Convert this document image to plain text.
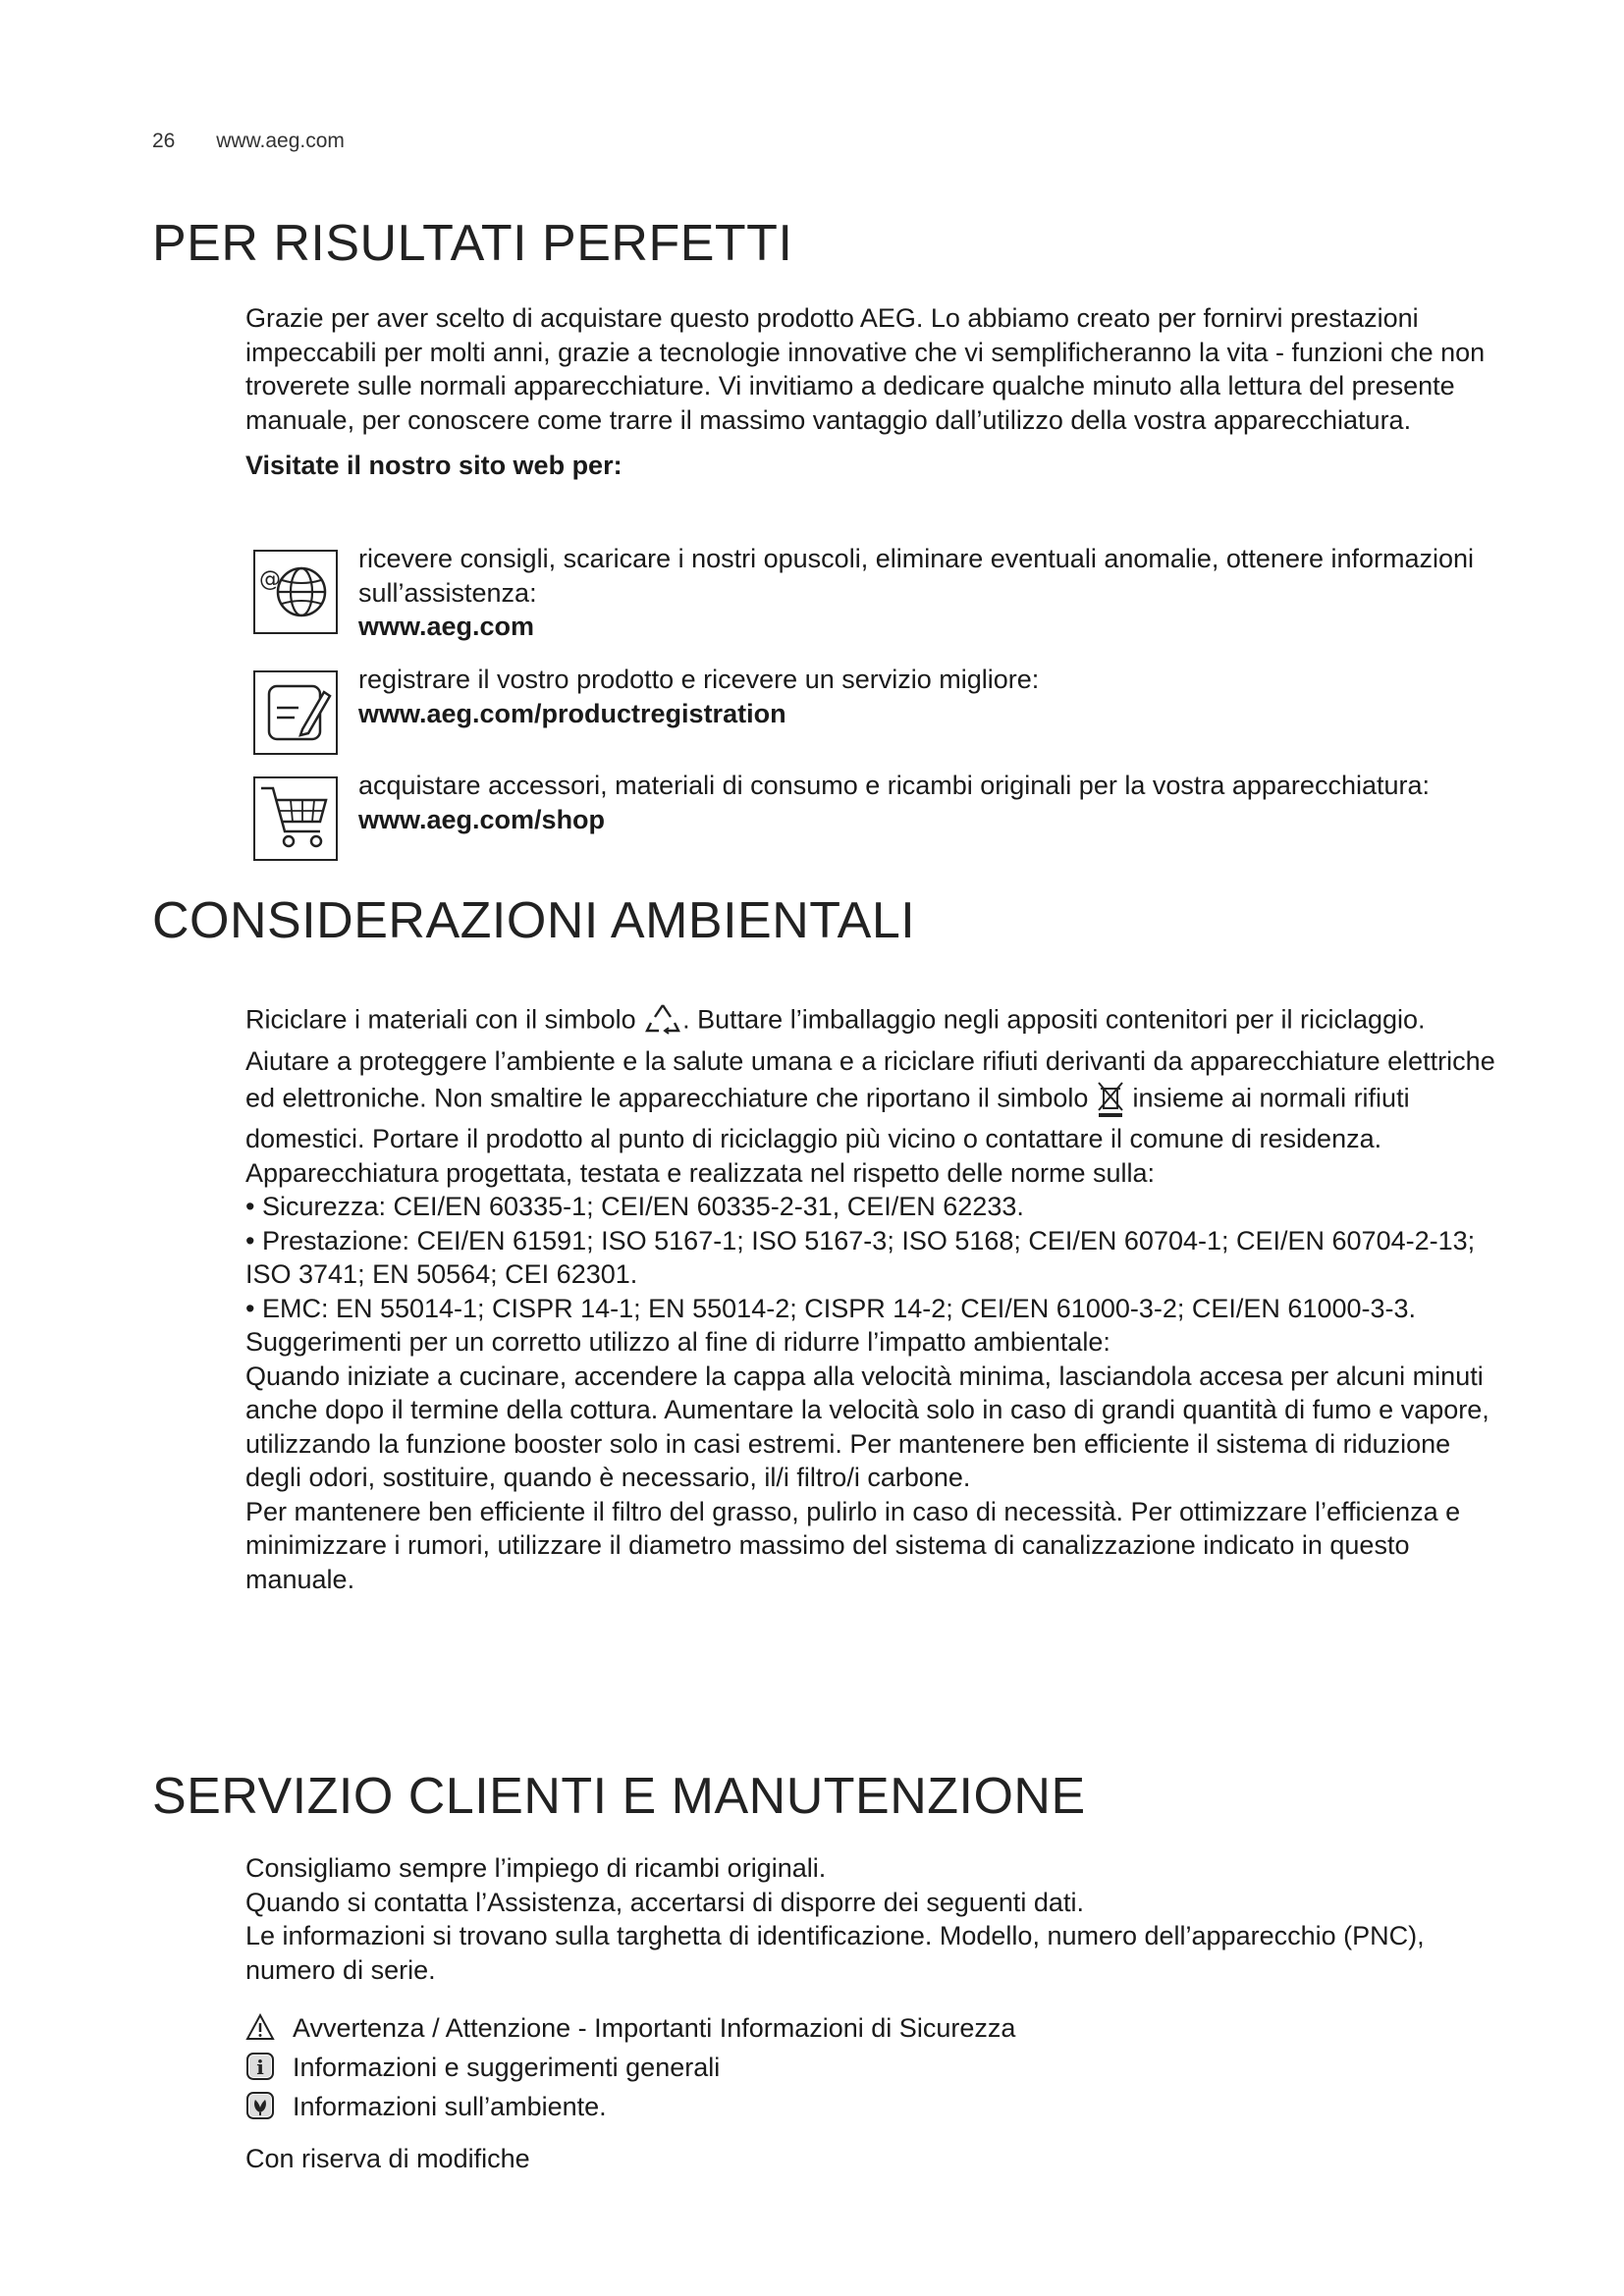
26 www.aeg.com
PER RISULTATI PERFETTI

Grazie per aver scelto di acquistare questo prodotto AEG. Lo abbiamo creato per fornirvi prestazioni impeccabili per molti anni, grazie a tecnologie innovative che vi semplificheranno la vita - funzioni che non troverete sulle normali apparecchiature. Vi invitiamo a dedicare qualche minuto alla lettura del presente manuale, per conoscere come trarre il massimo vantaggio dall’utilizzo della vostra apparecchiatura.

Visitate il nostro sito web per:

@
ricevere consigli, scaricare i nostri opuscoli, eliminare eventuali anomalie, ottenere informazioni sull’assistenza:
www.aeg.com
registrare il vostro prodotto e ricevere un servizio migliore:
www.aeg.com/productregistration
acquistare accessori, materiali di consumo e ricambi originali per la vostra apparecchiatura:
www.aeg.com/shop
CONSIDERAZIONI AMBIENTALI

Riciclare i materiali con il simbolo . Buttare l’imballaggio negli appositi contenitori per il riciclaggio.

Aiutare a proteggere l’ambiente e la salute umana e a riciclare rifiuti derivanti da apparecchiature elettriche ed elettroniche. Non smaltire le apparecchiature che riportano il simbolo insieme ai normali rifiuti domestici. Portare il prodotto al punto di riciclaggio più vicino o contattare il comune di residenza.

Apparecchiatura progettata, testata e realizzata nel rispetto delle norme sulla:

• Sicurezza: CEI/EN 60335-1; CEI/EN 60335-2-31, CEI/EN 62233.

• Prestazione: CEI/EN 61591; ISO 5167-1; ISO 5167-3; ISO 5168; CEI/EN 60704-1; CEI/EN 60704-2-13; ISO 3741; EN 50564; CEI 62301.

• EMC: EN 55014-1; CISPR 14-1; EN 55014-2; CISPR 14-2; CEI/EN 61000-3-2; CEI/EN 61000-3-3.

Suggerimenti per un corretto utilizzo al fine di ridurre l’impatto ambientale:

Quando iniziate a cucinare, accendere la cappa alla velocità minima, lasciandola accesa per alcuni minuti anche dopo il termine della cottura. Aumentare la velocità solo in caso di grandi quantità di fumo e vapore, utilizzando la funzione booster solo in casi estremi. Per mantenere ben efficiente il sistema di riduzione degli odori, sostituire, quando è necessario, il/i filtro/i carbone.

Per mantenere ben efficiente il filtro del grasso, pulirlo in caso di necessità. Per ottimizzare l’efficienza e minimizzare i rumori, utilizzare il diametro massimo del sistema di canalizzazione indicato in questo manuale.

SERVIZIO CLIENTI E MANUTENZIONE

Consigliamo sempre l’impiego di ricambi originali.

Quando si contatta l’Assistenza, accertarsi di disporre dei seguenti dati.

Le informazioni si trovano sulla targhetta di identificazione. Modello, numero dell’apparecchio (PNC), numero di serie.

Avvertenza / Attenzione - Importanti Informazioni di Sicurezza
i Informazioni e suggerimenti generali
Informazioni sull’ambiente.

Con riserva di modifiche
